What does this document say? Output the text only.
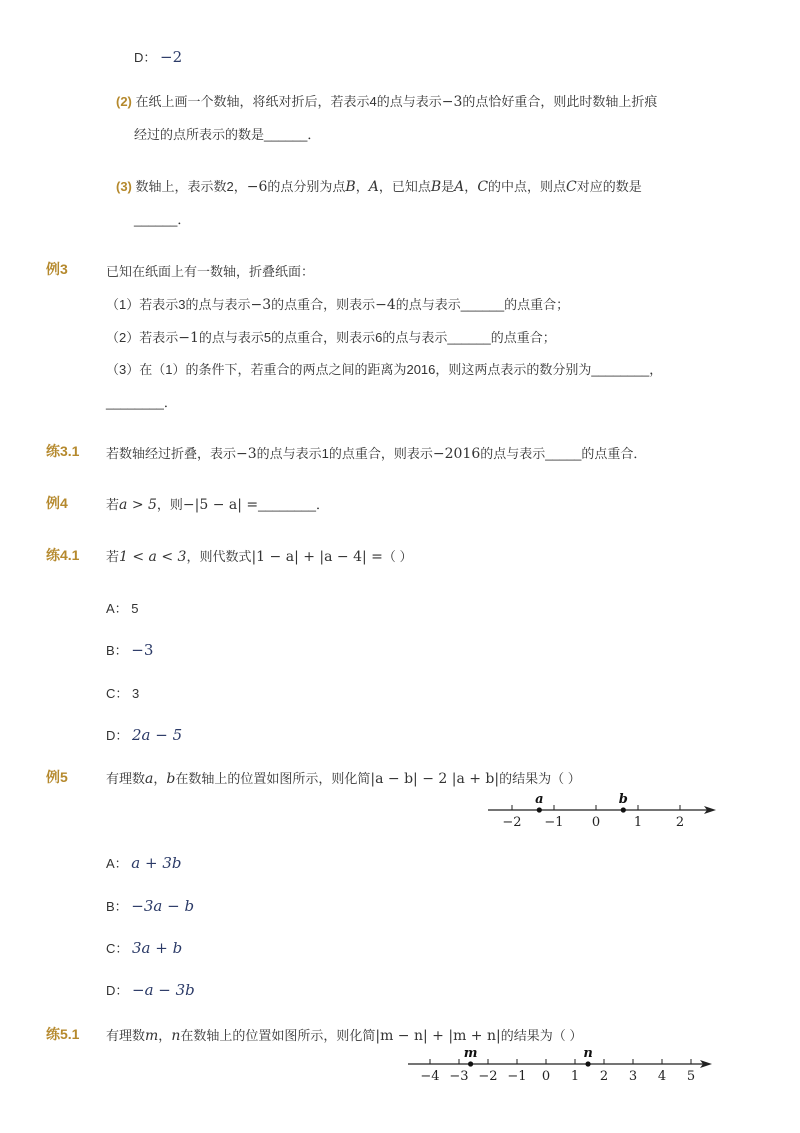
D： −2
(2) 在纸上画一个数轴，将纸对折后，若表示4的点与表示−3的点恰好重合，则此时数轴上折痕
经过的点所表示的数是______．
(3) 数轴上，表示数2，−6的点分别为点B，A，已知点B是A，C的中点，则点C对应的数是
______．
例3	已知在纸面上有一数轴，折叠纸面：
（1）若表示3的点与表示−3的点重合，则表示−4的点与表示______的点重合；
（2）若表示−1的点与表示5的点重合，则表示6的点与表示______的点重合；
（3）在（1）的条件下，若重合的两点之间的距离为2016，则这两点表示的数分别为________，
________．
练3.1 若数轴经过折叠，表示−3的点与表示1的点重合，则表示−2016的点与表示_____的点重合．
例4	若a > 5，则−|5 − a| =________．
练4.1 若1 < a < 3，则代数式|1 − a| + |a − 4| =（ ）
A： 5
B： −3
C： 3
D： 2a − 5
例5	有理数a，b在数轴上的位置如图所示，则化简|a − b| − 2 |a + b|的结果为（ ）
−2 −1 0	1	2
a	b
A： a + 3b
B： −3a − b
C： 3a + b
D： −a − 3b
练5.1 有理数m，n在数轴上的位置如图所示，则化简|m − n| + |m + n|的结果为（ ）
−4 −3 −2 −1 0 1 2 3 4 5
m	n
